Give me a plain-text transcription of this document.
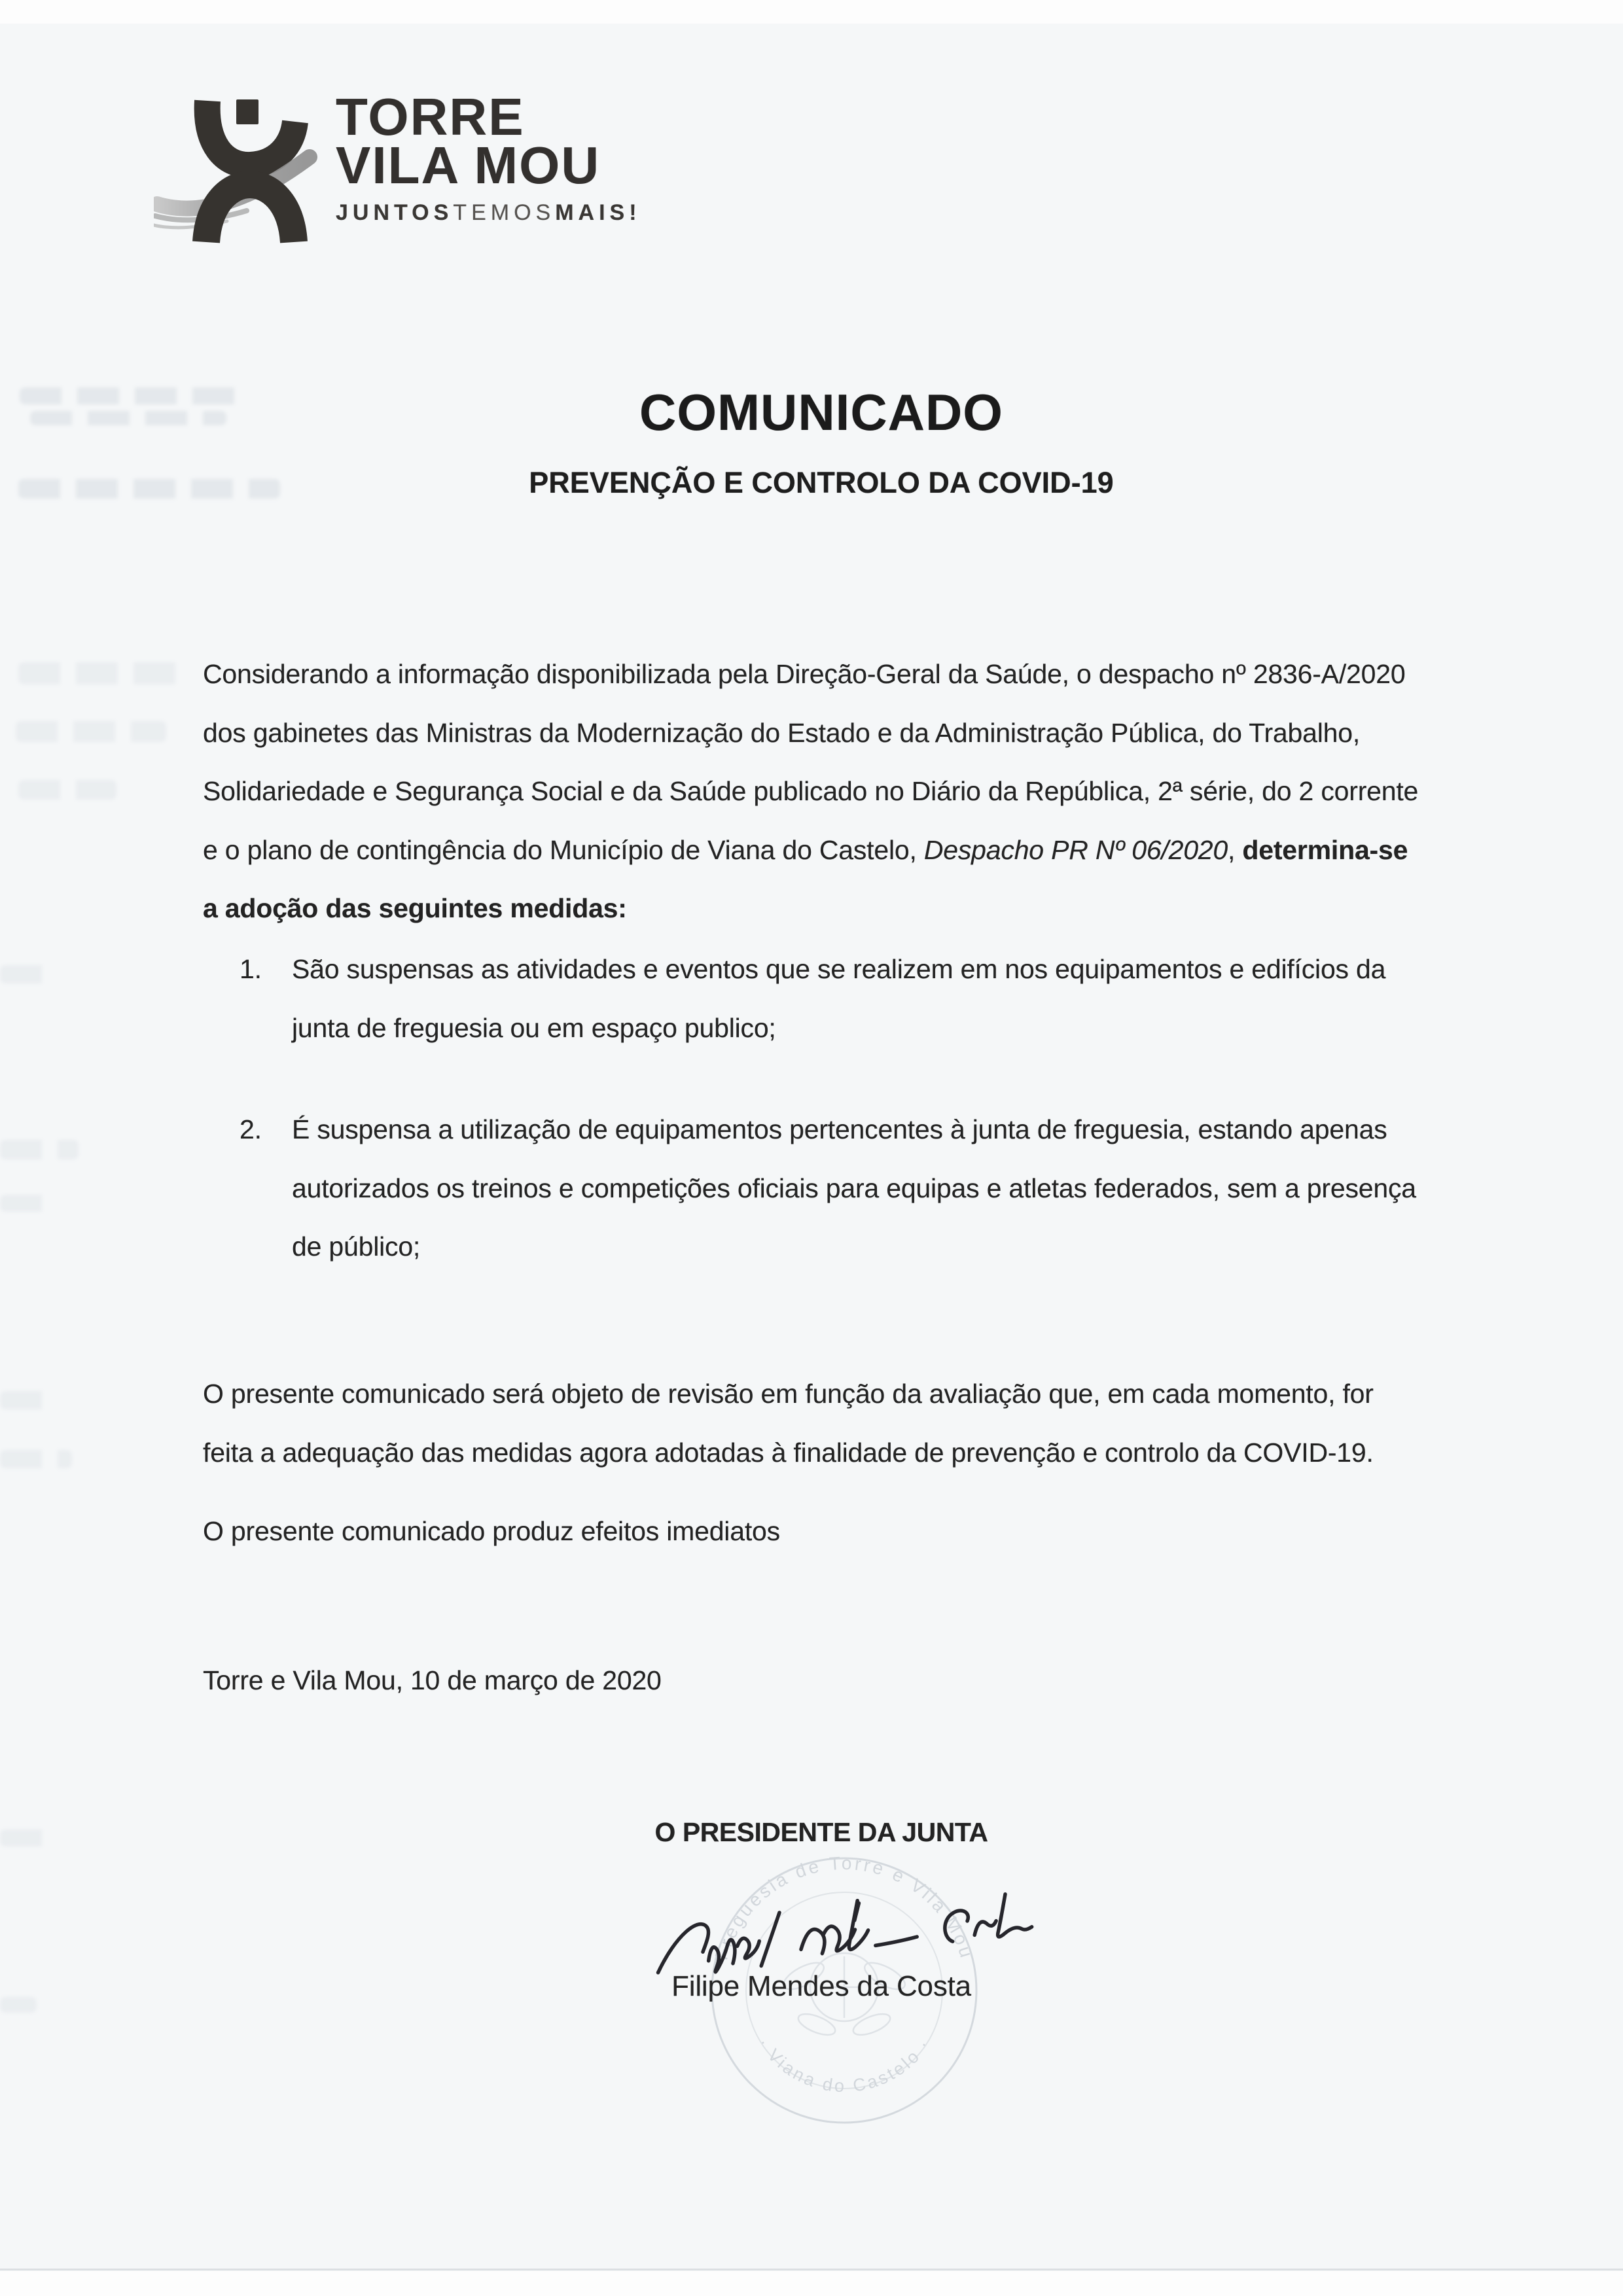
TORRE
VILA MOU
JUNTOSTEMOSMAIS!
COMUNICADO
PREVENÇÃO E CONTROLO DA COVID-19
Considerando a informação disponibilizada pela Direção-Geral da Saúde, o despacho nº 2836-A/2020
dos gabinetes das Ministras da Modernização do Estado e da Administração Pública, do Trabalho,
Solidariedade e Segurança Social e da Saúde publicado no Diário da República, 2ª série, do 2 corrente
e o plano de contingência do Município de Viana do Castelo, Despacho PR Nº 06/2020, determina-se
a adoção das seguintes medidas:
1. São suspensas as atividades e eventos que se realizem em nos equipamentos e edifícios da
junta de freguesia ou em espaço publico;
2. É suspensa a utilização de equipamentos pertencentes à junta de freguesia, estando apenas
autorizados os treinos e competições oficiais para equipas e atletas federados, sem a presença
de público;
O presente comunicado será objeto de revisão em função da avaliação que, em cada momento, for
feita a adequação das medidas agora adotadas à finalidade de prevenção e controlo da COVID-19.
O presente comunicado produz efeitos imediatos
Torre e Vila Mou, 10 de março de 2020
O PRESIDENTE DA JUNTA
Freguesia de Torre e Vila Mou
· Viana do Castelo ·
Filipe Mendes da Costa
